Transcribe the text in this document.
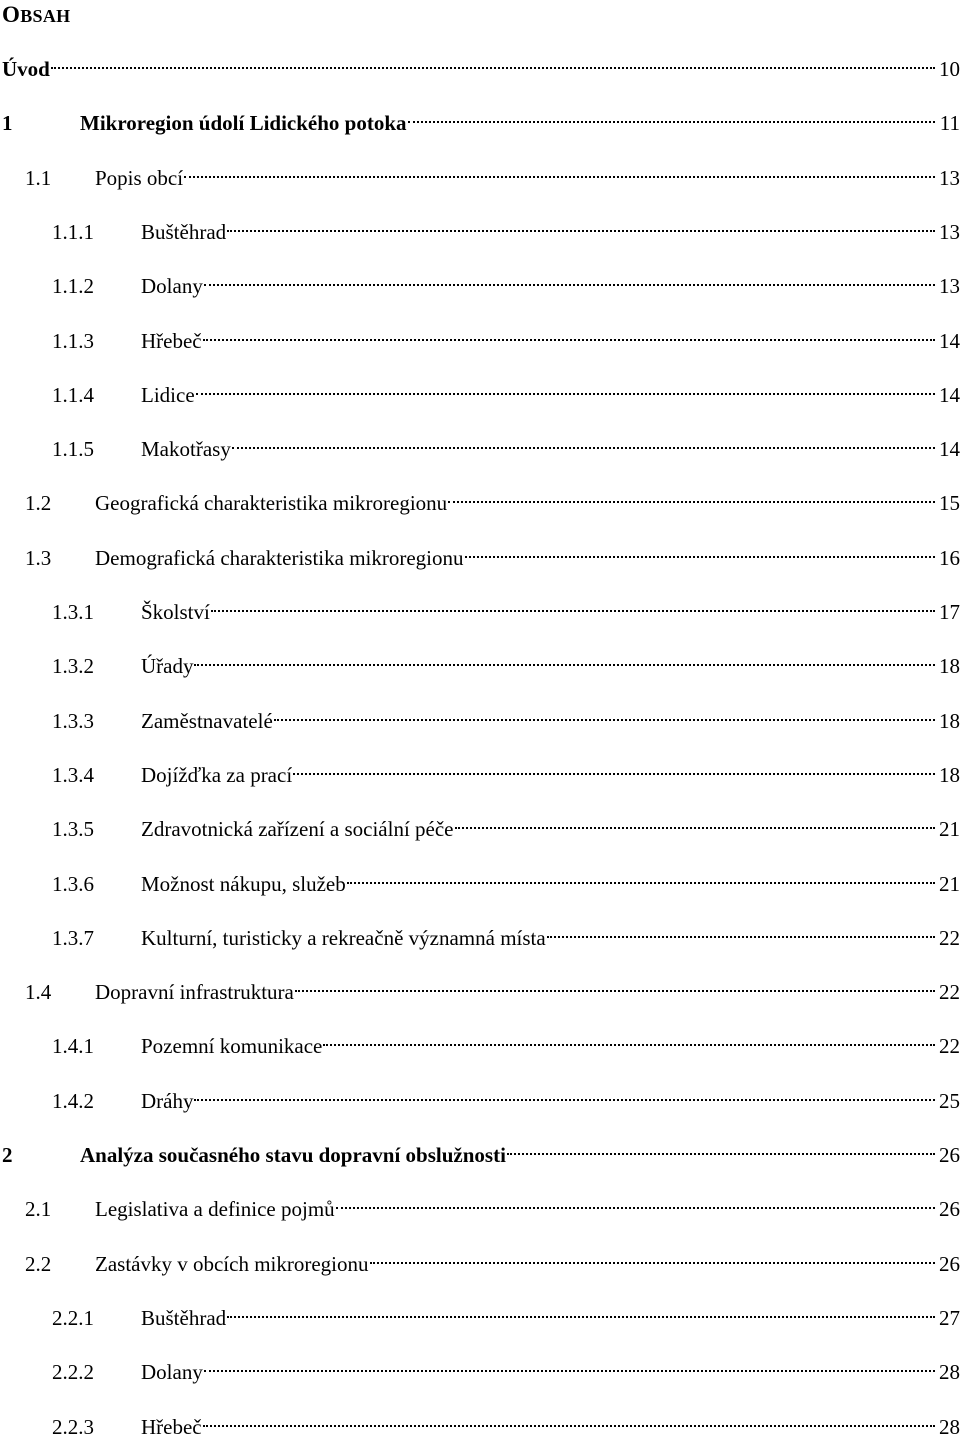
OBSAH
Úvod	10
1	Mikroregion údolí Lidického potoka	11
1.1	Popis obcí	13
1.1.1	Buštěhrad	13
1.1.2	Dolany	13
1.1.3	Hřebeč	14
1.1.4	Lidice	14
1.1.5	Makotřasy	14
1.2	Geografická charakteristika mikroregionu	15
1.3	Demografická charakteristika mikroregionu	16
1.3.1	Školství	17
1.3.2	Úřady	18
1.3.3	Zaměstnavatelé	18
1.3.4	Dojížďka za prací	18
1.3.5	Zdravotnická zařízení a sociální péče	21
1.3.6	Možnost nákupu, služeb	21
1.3.7	Kulturní, turisticky a rekreačně významná místa	22
1.4	Dopravní infrastruktura	22
1.4.1	Pozemní komunikace	22
1.4.2	Dráhy	25
2	Analýza současného stavu dopravní obslužnosti	26
2.1	Legislativa a definice pojmů	26
2.2	Zastávky v obcích mikroregionu	26
2.2.1	Buštěhrad	27
2.2.2	Dolany	28
2.2.3	Hřebeč	28
